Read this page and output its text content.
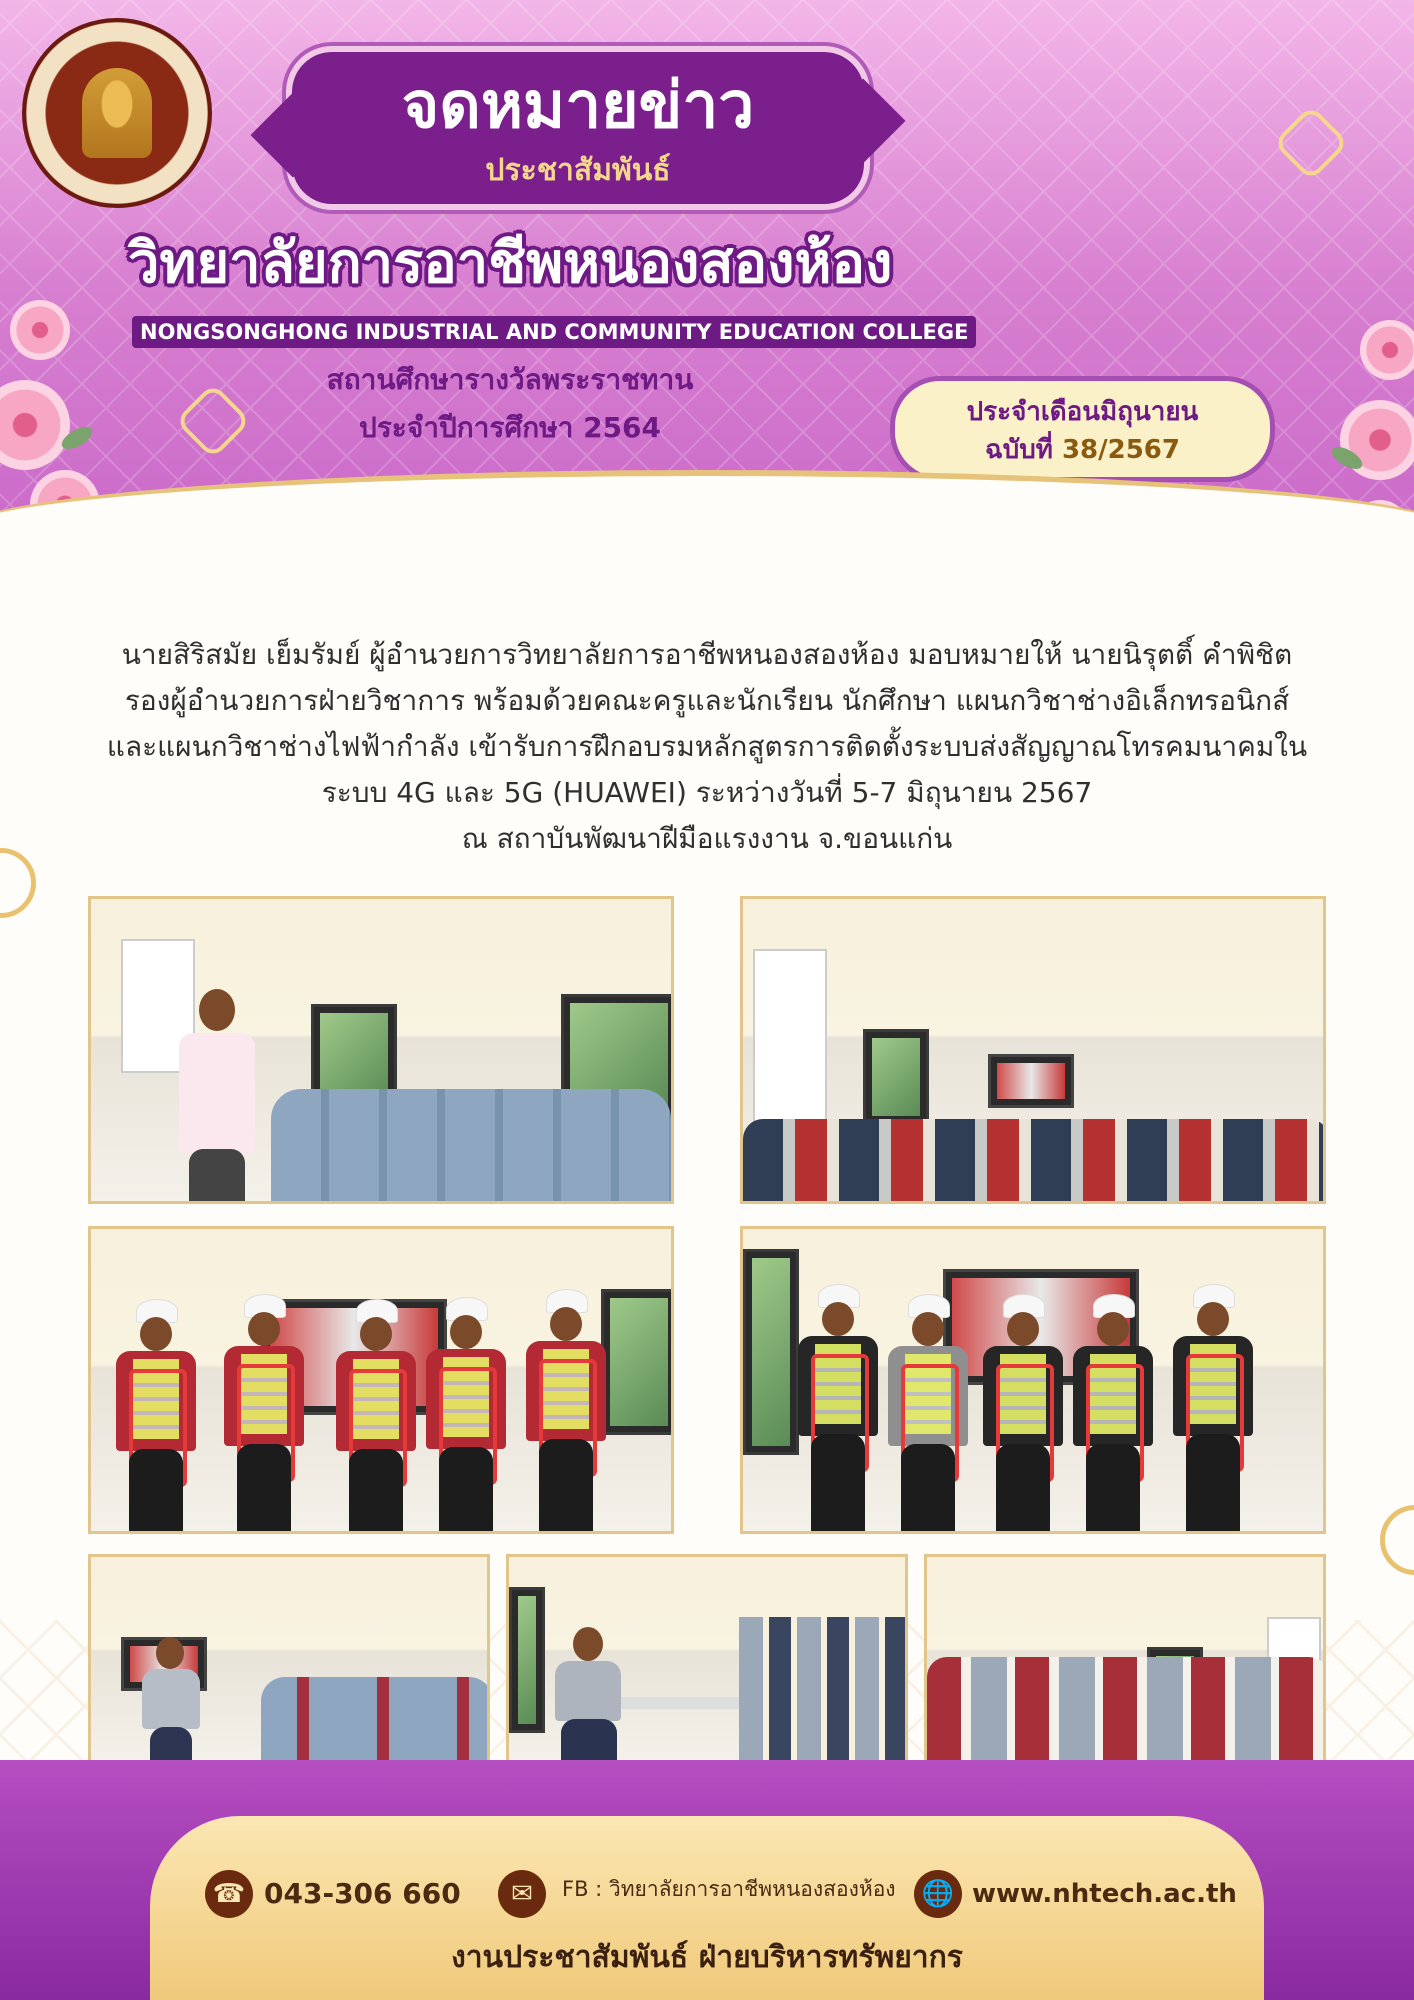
จดหมายข่าว
ประชาสัมพันธ์
วิทยาลัยการอาชีพหนองสองห้อง
NONGSONGHONG INDUSTRIAL AND COMMUNITY EDUCATION COLLEGE
สถานศึกษารางวัลพระราชทาน
ประจำปีการศึกษา 2564	ประจำเดือนมิถุนายน
ฉบับที่ 38/2567
นายสิริสมัย เย็มรัมย์ ผู้อำนวยการวิทยาลัยการอาชีพหนองสองห้อง มอบหมายให้ นายนิรุตติ์ คำพิชิต
รองผู้อำนวยการฝ่ายวิชาการ พร้อมด้วยคณะครูและนักเรียน นักศึกษา แผนกวิชาช่างอิเล็กทรอนิกส์
และแผนกวิชาช่างไฟฟ้ากำลัง เข้ารับการฝึกอบรมหลักสูตรการติดตั้งระบบส่งสัญญาณโทรคมนาคมใน
ระบบ 4G และ 5G (HUAWEI) ระหว่างวันที่ 5-7 มิถุนายน 2567
ณ สถาบันพัฒนาฝีมือแรงงาน จ.ขอนแก่น
☎ 043-306 660	✉	FB : วิทยาลัยการอาชีพหนองสองห้อง	🌐 www.nhtech.ac.th
งานประชาสัมพันธ์ ฝ่ายบริหารทรัพยากร
